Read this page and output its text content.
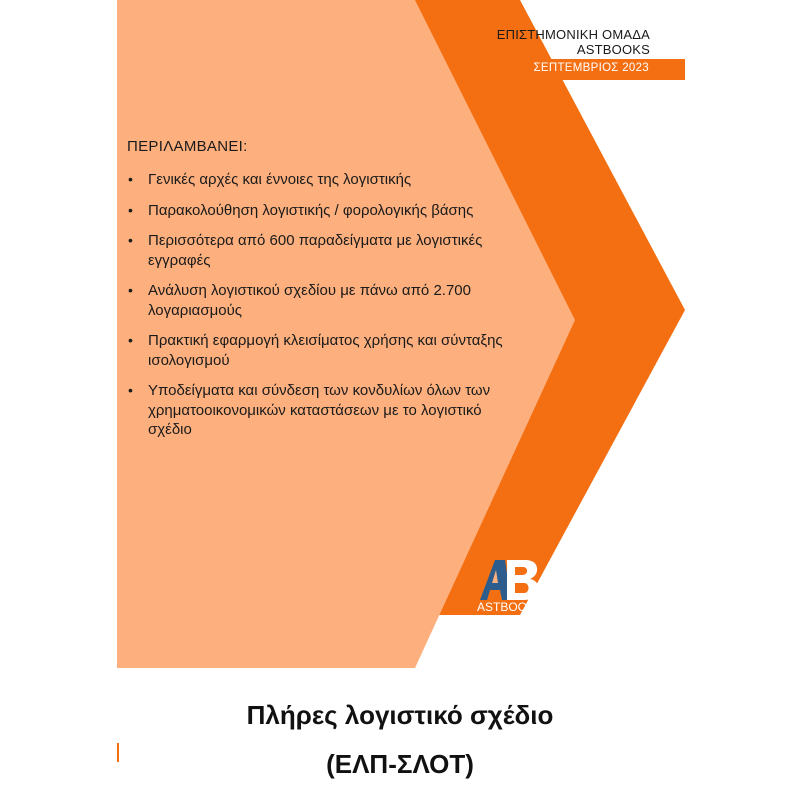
ΕΠΙΣΤΗΜΟΝΙΚΗ ΟΜΑΔΑ
ASTBOOKS
ΣΕΠΤΕΜΒΡΙΟΣ 2023
ΠΕΡΙΛΑΜΒΑΝΕΙ:
• Γενικές αρχές και έννοιες της λογιστικής
• Παρακολούθηση λογιστικής / φορολογικής βάσης
• Περισσότερα από 600 παραδείγματα με λογιστικές εγγραφές
• Ανάλυση λογιστικού σχεδίου με πάνω από 2.700 λογαριασμούς
• Πρακτική εφαρμογή κλεισίματος χρήσης και σύνταξης ισολογισμού
• Υποδείγματα και σύνδεση των κονδυλίων όλων των χρηματοοικονομικών καταστάσεων με το λογιστικό σχέδιο
ASTBOOKS
ΕΚΔΟΣΕΙΣ
Πλήρες λογιστικό σχέδιο
(ΕΛΠ-ΣΛΟΤ)
